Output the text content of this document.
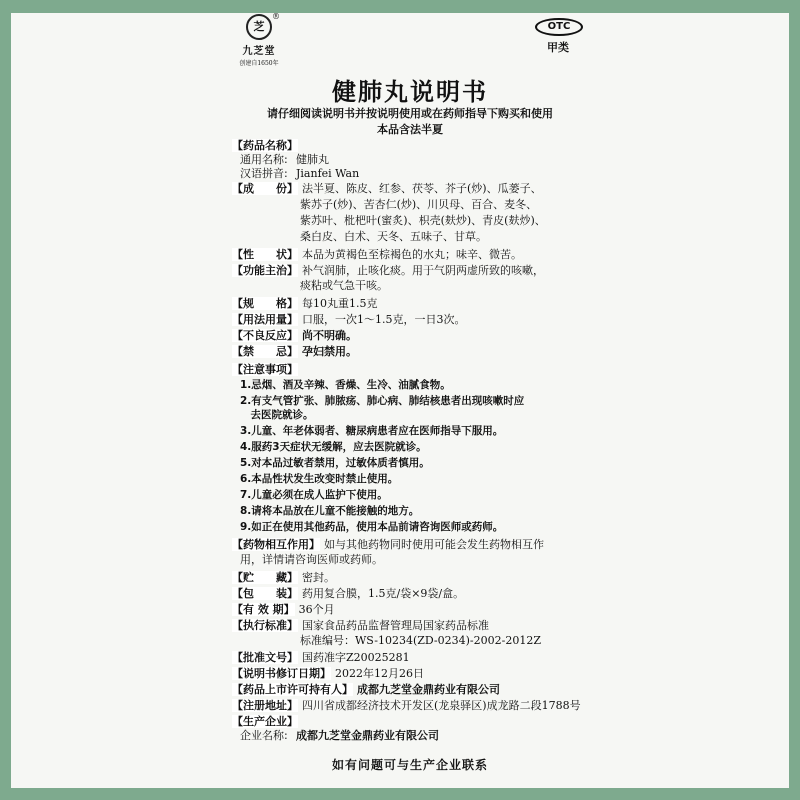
芝
九芝堂
创建自1650年
®
OTC
甲类
健肺丸说明书
请仔细阅读说明书并按说明使用或在药师指导下购买和使用
本品含法半夏
【 药品名称 】
通用名称: 健肺丸
汉语拼音: Jianfei Wan
【 成　　份 】 法半夏、陈皮、红参、茯苓、芥子(炒)、瓜蒌子、
紫苏子(炒)、苦杏仁(炒)、川贝母、百合、麦冬、
紫苏叶、枇杷叶(蜜炙)、枳壳(麸炒)、青皮(麸炒)、
桑白皮、白术、天冬、五味子、甘草。
【 性　　状 】 本品为黄褐色至棕褐色的水丸；味辛、微苦。
【 功能主治 】 补气润肺，止咳化痰。用于气阴两虚所致的咳嗽，
痰粘或气急干咳。
【 规　　格 】 每10丸重1.5克
【 用法用量 】 口服，一次1～1.5克，一日3次。
【 不良反应 】 尚不明确。
【 禁　　忌 】 孕妇禁用。
【 注意事项 】
1.忌烟、酒及辛辣、香燥、生冷、油腻食物。
2.有支气管扩张、肺脓疡、肺心病、肺结核患者出现咳嗽时应
　去医院就诊。
3.儿童、年老体弱者、糖尿病患者应在医师指导下服用。
4.服药3天症状无缓解，应去医院就诊。
5.对本品过敏者禁用，过敏体质者慎用。
6.本品性状发生改变时禁止使用。
7.儿童必须在成人监护下使用。
8.请将本品放在儿童不能接触的地方。
9.如正在使用其他药品，使用本品前请咨询医师或药师。
【 药物相互作用 】 如与其他药物同时使用可能会发生药物相互作
用，详情请咨询医师或药师。
【 贮　　藏 】 密封。
【 包　　装 】 药用复合膜，1.5克/袋×9袋/盒。
【 有 效 期 】 36个月
【 执行标准 】 国家食品药品监督管理局国家药品标准
标准编号：WS-10234(ZD-0234)-2002-2012Z
【 批准文号 】 国药准字Z20025281
【 说明书修订日期 】 2022年12月26日
【 药品上市许可持有人 】 成都九芝堂金鼎药业有限公司
【 注册地址 】 四川省成都经济技术开发区(龙泉驿区)成龙路二段1788号
【 生产企业 】
企业名称: 成都九芝堂金鼎药业有限公司
如有问题可与生产企业联系
